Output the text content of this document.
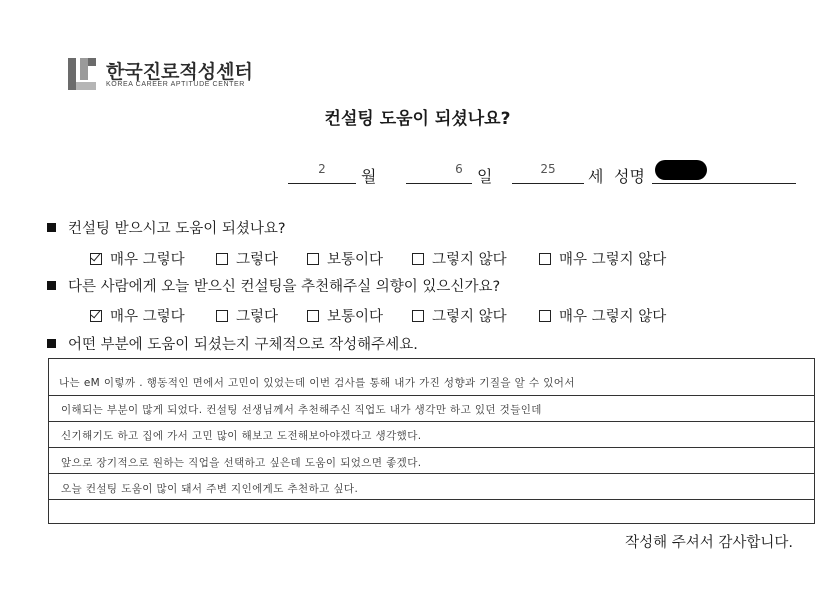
한국진로적성센터
KOREA CAREER APTITUDE CENTER
컨설팅 도움이 되셨나요?
2	월	6 일	25	세 성명
컨설팅 받으시고 도움이 되셨나요?
매우 그렇다	그렇다	보통이다	그렇지 않다	매우 그렇지 않다
다른 사람에게 오늘 받으신 컨설팅을 추천해주실 의향이 있으신가요?
매우 그렇다	그렇다	보통이다	그렇지 않다	매우 그렇지 않다
어떤 부분에 도움이 되셨는지 구체적으로 작성해주세요.
나는 eM 이렇까 . 행동적인 면에서 고민이 있었는데 이번 검사를 통해 내가 가진 성향과 기질을 알 수 있어서
이해되는 부분이 많게 되었다. 컨설팅 선생님께서 추천해주신 직업도 내가 생각만 하고 있던 것들인데
신기해기도 하고 집에 가서 고민 많이 해보고 도전해보아야겠다고 생각했다.
앞으로 장기적으로 원하는 직업을 선택하고 싶은데 도움이 되었으면 좋겠다.
오늘 컨설팅 도움이 많이 돼서 주변 지인에게도 추천하고 싶다.
작성해 주셔서 감사합니다.
